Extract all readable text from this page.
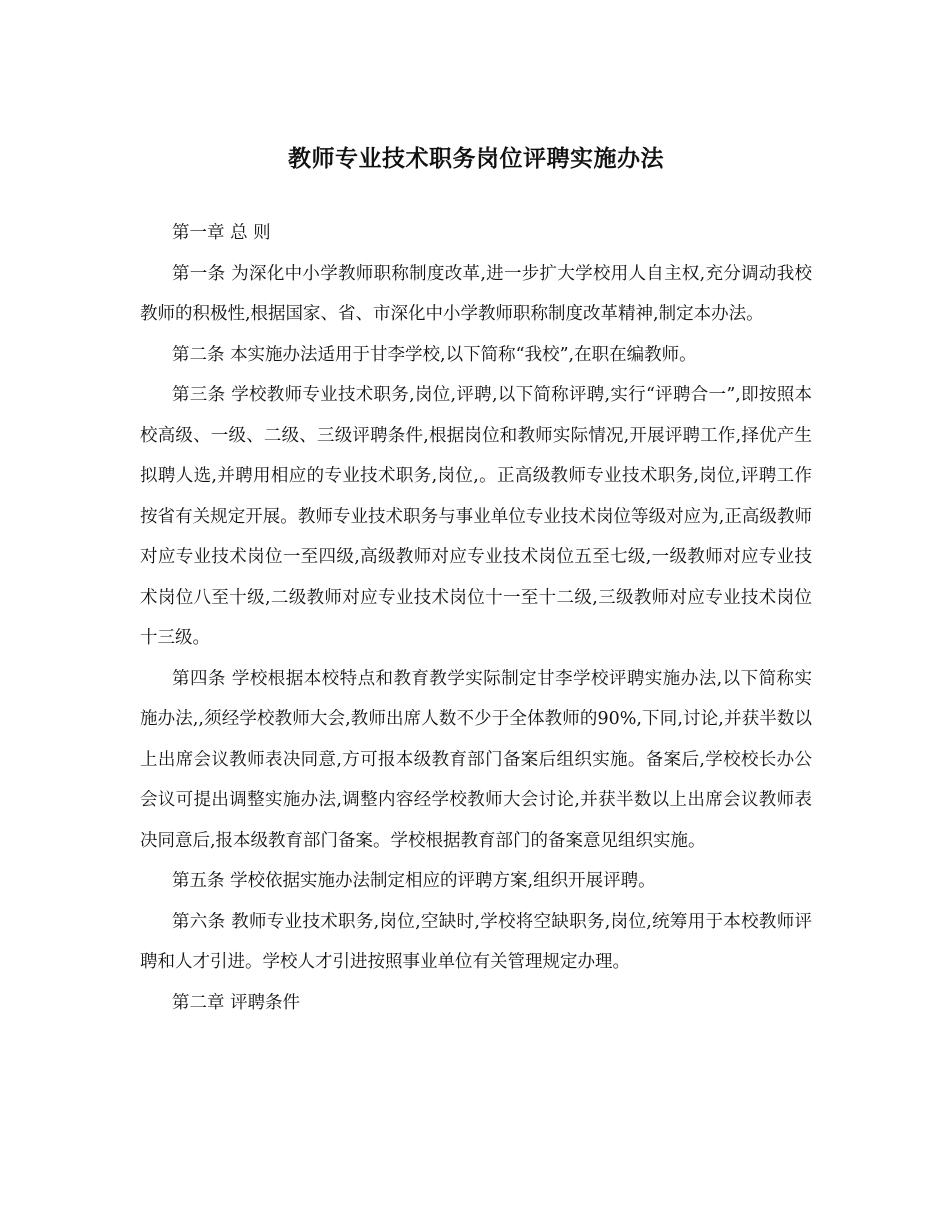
教师专业技术职务岗位评聘实施办法

第一章 总 则

第一条 为深化中小学教师职称制度改革,进一步扩大学校用人自主权,充分调动我校教师的积极性,根据国家、省、市深化中小学教师职称制度改革精神,制定本办法。

第二条 本实施办法适用于甘李学校,以下简称“我校”,在职在编教师。

第三条 学校教师专业技术职务,岗位,评聘,以下简称评聘,实行“评聘合一”,即按照本校高级、一级、二级、三级评聘条件,根据岗位和教师实际情况,开展评聘工作,择优产生拟聘人选,并聘用相应的专业技术职务,岗位,。正高级教师专业技术职务,岗位,评聘工作按省有关规定开展。教师专业技术职务与事业单位专业技术岗位等级对应为,正高级教师对应专业技术岗位一至四级,高级教师对应专业技术岗位五至七级,一级教师对应专业技术岗位八至十级,二级教师对应专业技术岗位十一至十二级,三级教师对应专业技术岗位十三级。

第四条 学校根据本校特点和教育教学实际制定甘李学校评聘实施办法,以下简称实施办法,,须经学校教师大会,教师出席人数不少于全体教师的90%,下同,讨论,并获半数以上出席会议教师表决同意,方可报本级教育部门备案后组织实施。备案后,学校校长办公会议可提出调整实施办法,调整内容经学校教师大会讨论,并获半数以上出席会议教师表决同意后,报本级教育部门备案。学校根据教育部门的备案意见组织实施。

第五条 学校依据实施办法制定相应的评聘方案,组织开展评聘。

第六条 教师专业技术职务,岗位,空缺时,学校将空缺职务,岗位,统筹用于本校教师评聘和人才引进。学校人才引进按照事业单位有关管理规定办理。

第二章 评聘条件
